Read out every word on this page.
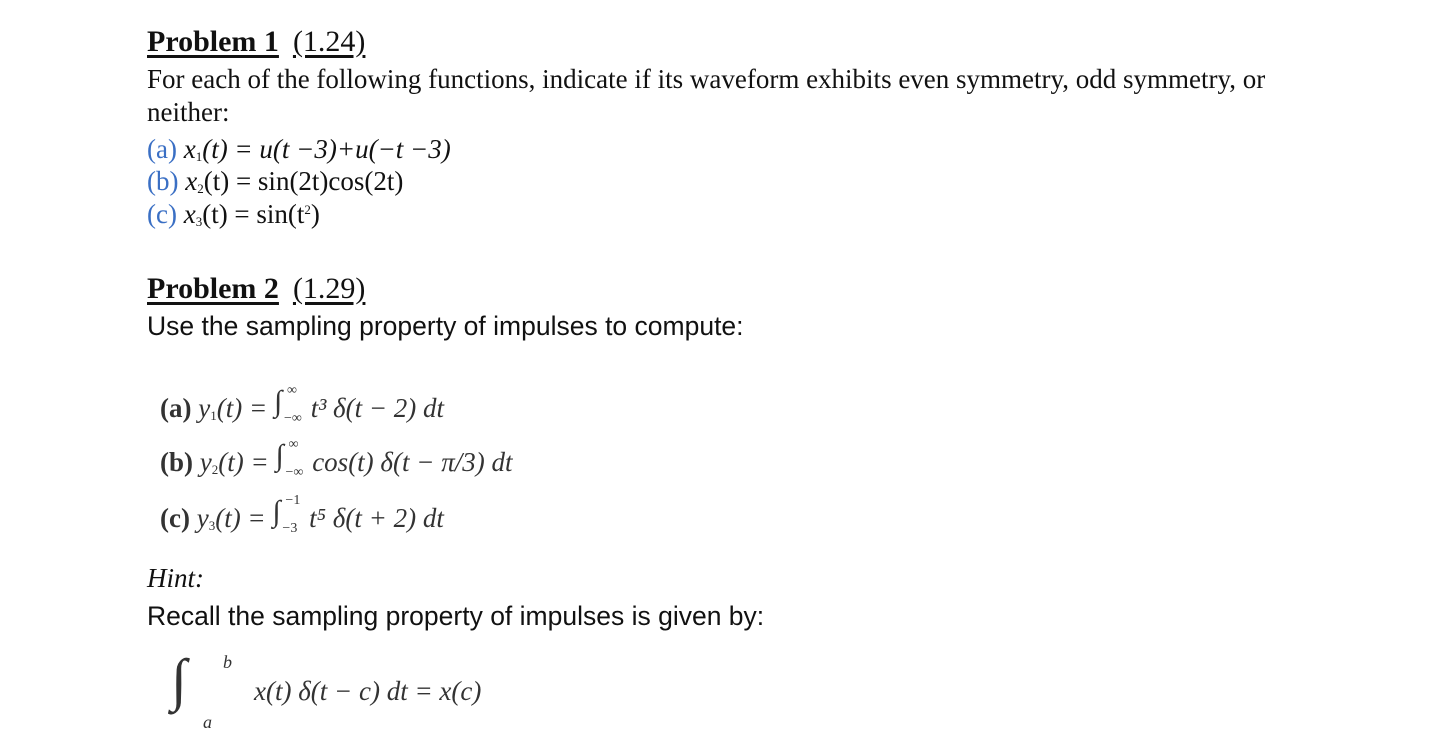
Problem 1 (1.24)
For each of the following functions, indicate if its waveform exhibits even symmetry, odd symmetry, or
neither:
(a) $x_1(t) = u(t -3)+u(-t -3)$
(b) $x_2(t) = \sin(2t)\cos(2t)$
(c) $x_3(t) = \sin(t^2)$
Problem 2 (1.29)
Use the sampling property of impulses to compute:
(a) $y_1(t)$ = ∫ ∞
−∞ t³ δ(t − 2) dt
(b) $y_2(t)$ = ∫ ∞
−∞ cos(t) δ(t − π/3) dt
(c) $y_3(t)$ = ∫ −1
−3 t⁵ δ(t + 2) dt
Hint:
Recall the sampling property of impulses is given by:
∫ b
a
x(t) δ(t − c) dt = x(c)
